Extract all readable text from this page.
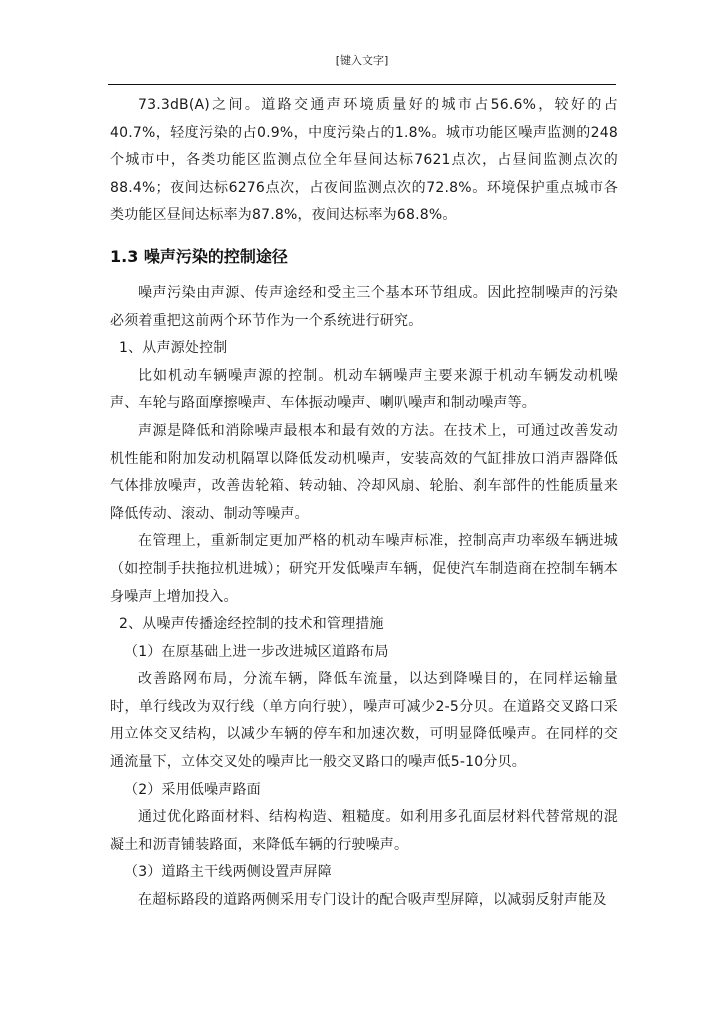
[键入文字]

73.3dB(A)之间。道路交通声环境质量好的城市占56.6%，较好的占40.7%，轻度污染的占0.9%，中度污染占的1.8%。城市功能区噪声监测的248个城市中，各类功能区监测点位全年昼间达标7621点次，占昼间监测点次的88.4%；夜间达标6276点次，占夜间监测点次的72.8%。环境保护重点城市各类功能区昼间达标率为87.8%，夜间达标率为68.8%。

1.3 噪声污染的控制途径

噪声污染由声源、传声途经和受主三个基本环节组成。因此控制噪声的污染必须着重把这前两个环节作为一个系统进行研究。

1、从声源处控制

比如机动车辆噪声源的控制。机动车辆噪声主要来源于机动车辆发动机噪声、车轮与路面摩擦噪声、车体振动噪声、喇叭噪声和制动噪声等。

声源是降低和消除噪声最根本和最有效的方法。在技术上，可通过改善发动机性能和附加发动机隔罩以降低发动机噪声，安装高效的气缸排放口消声器降低气体排放噪声，改善齿轮箱、转动轴、冷却风扇、轮胎、刹车部件的性能质量来降低传动、滚动、制动等噪声。

在管理上，重新制定更加严格的机动车噪声标准，控制高声功率级车辆进城（如控制手扶拖拉机进城）；研究开发低噪声车辆，促使汽车制造商在控制车辆本身噪声上增加投入。

2、从噪声传播途经控制的技术和管理措施

（1）在原基础上进一步改进城区道路布局

改善路网布局，分流车辆，降低车流量，以达到降噪目的，在同样运输量时，单行线改为双行线（单方向行驶），噪声可减少2-5分贝。在道路交叉路口采用立体交叉结构，以减少车辆的停车和加速次数，可明显降低噪声。在同样的交通流量下，立体交叉处的噪声比一般交叉路口的噪声低5-10分贝。

（2）采用低噪声路面

通过优化路面材料、结构构造、粗糙度。如利用多孔面层材料代替常规的混凝土和沥青铺装路面，来降低车辆的行驶噪声。

（3）道路主干线两侧设置声屏障

在超标路段的道路两侧采用专门设计的配合吸声型屏障，以减弱反射声能及
